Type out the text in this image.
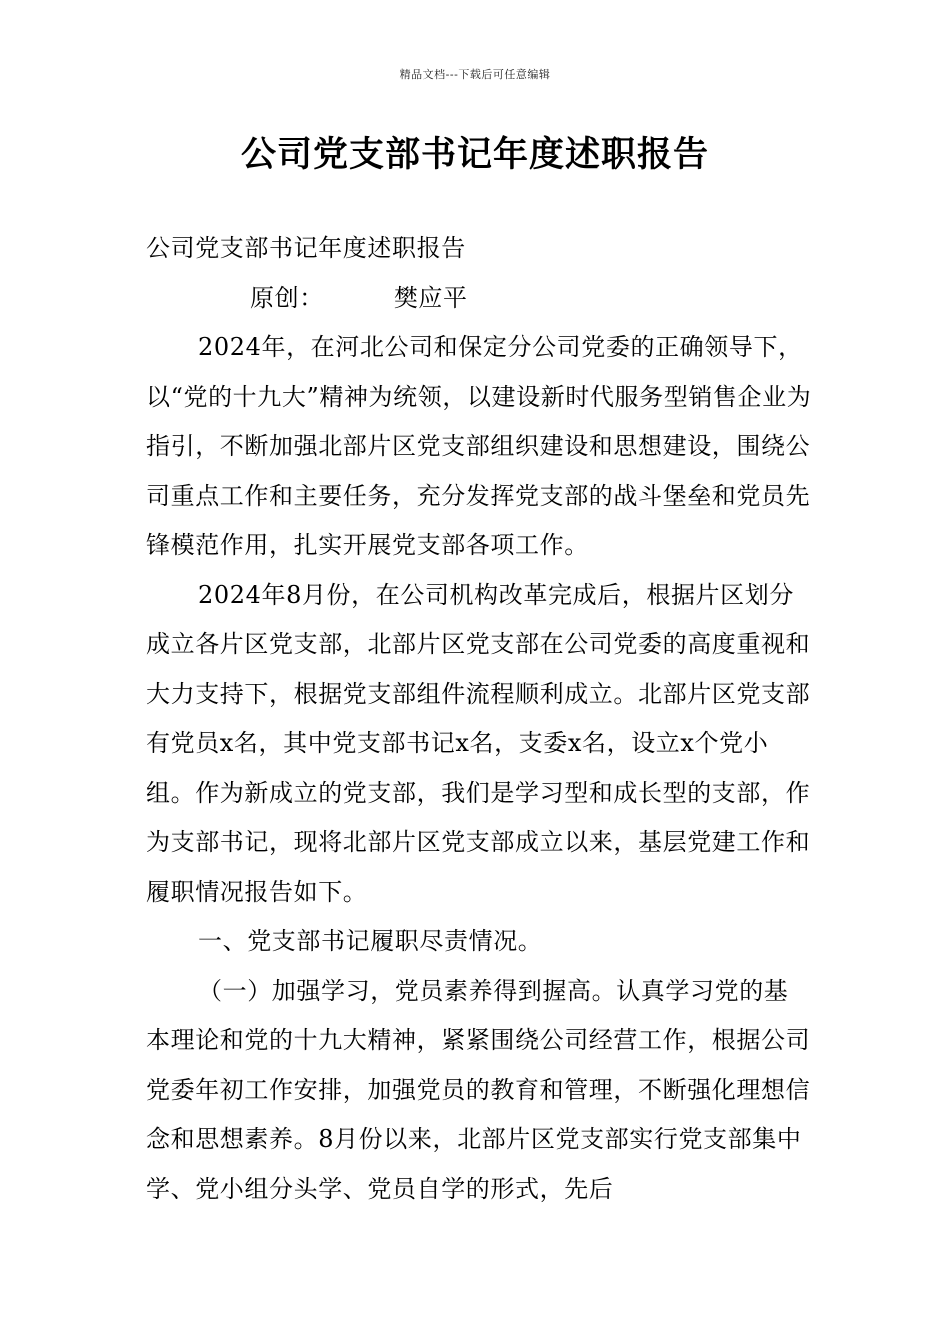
精品文档---下载后可任意编辑
公司党支部书记年度述职报告

公司党支部书记年度述职报告

原创：	樊应平

2024年，在河北公司和保定分公司党委的正确领导下，以“党的十九大”精神为统领，以建设新时代服务型销售企业为指引，不断加强北部片区党支部组织建设和思想建设，围绕公司重点工作和主要任务，充分发挥党支部的战斗堡垒和党员先锋模范作用，扎实开展党支部各项工作。

2024年8月份，在公司机构改革完成后，根据片区划分成立各片区党支部，北部片区党支部在公司党委的高度重视和大力支持下，根据党支部组件流程顺利成立。北部片区党支部有党员x名，其中党支部书记x名，支委x名，设立x个党小组。作为新成立的党支部，我们是学习型和成长型的支部，作为支部书记，现将北部片区党支部成立以来，基层党建工作和履职情况报告如下。

一、党支部书记履职尽责情况。

（一）加强学习，党员素养得到握高。认真学习党的基本理论和党的十九大精神，紧紧围绕公司经营工作，根据公司党委年初工作安排，加强党员的教育和管理，不断强化理想信念和思想素养。8月份以来，北部片区党支部实行党支部集中学、党小组分头学、党员自学的形式，先后
